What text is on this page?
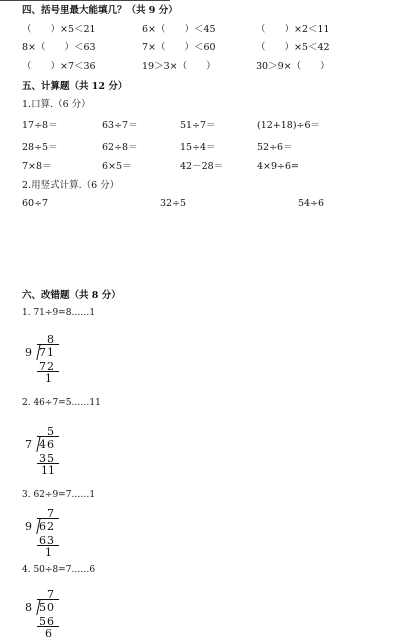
四、括号里最大能填几？（共 9 分）
（　　）×5＜21	6×（　　）＜45	（　　）×2＜11
8×（　　）＜63	7×（　　）＜60	（　　）×5＜42
（　　）×7＜36	19＞3×（　　）	30＞9×（　　）
五、计算题（共 12 分）
1.口算.（6 分）
17÷8＝	63÷7＝	51÷7＝	(12+18)÷6＝
28÷5＝	62÷8＝	15÷4＝	52÷6＝
7×8＝	6×5＝	42－28＝	4×9÷6=
2.用竖式计算.（6 分）
60÷7	32÷5	54÷6
六、改错题（共 8 分）
1. 71÷9=8……1
8
9 71
72
1
2. 46÷7=5……11
5
7 46
35
11
3. 62÷9=7……1
7
9 62
63
1
4. 50÷8=7……6
7
8 50
56
6
